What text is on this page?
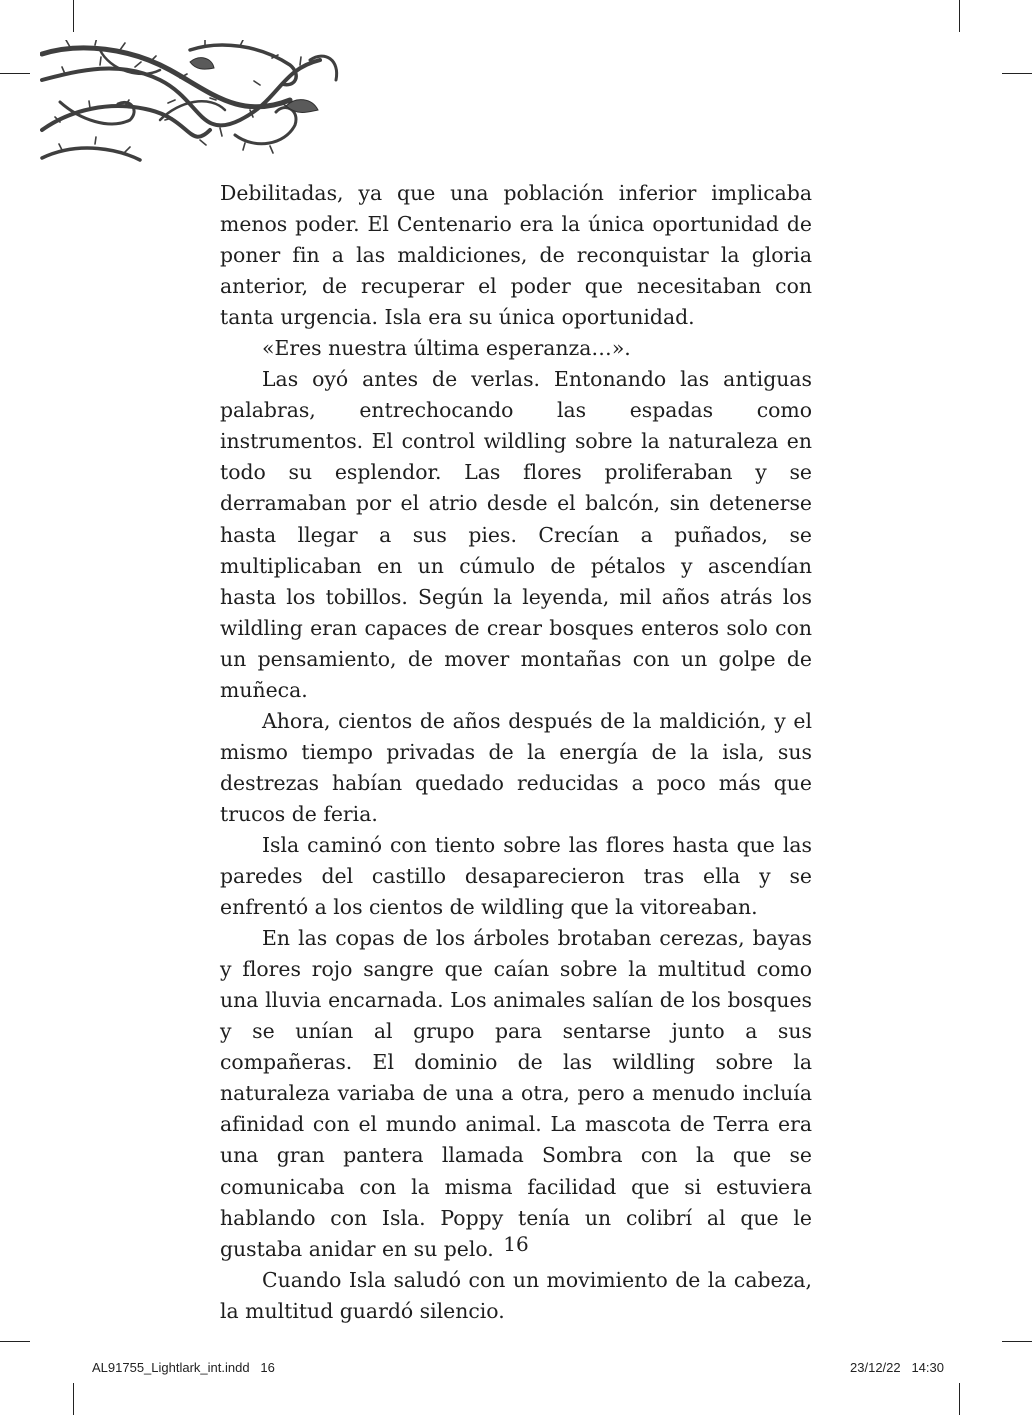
Debilitadas, ya que una población inferior implicaba menos poder. El Centenario era la única oportunidad de poner fin a las maldiciones, de reconquistar la gloria anterior, de recuperar el poder que necesitaban con tanta urgencia. Isla era su única oportunidad.

«Eres nuestra última esperanza…».

Las oyó antes de verlas. Entonando las antiguas palabras, entrechocando las espadas como instrumentos. El control wildling sobre la naturaleza en todo su esplendor. Las flores proliferaban y se derramaban por el atrio desde el balcón, sin detenerse hasta llegar a sus pies. Crecían a puñados, se multiplicaban en un cúmulo de pétalos y ascendían hasta los tobillos. Según la leyenda, mil años atrás los wildling eran capaces de crear bosques enteros solo con un pensamiento, de mover montañas con un golpe de muñeca.

Ahora, cientos de años después de la maldición, y el mismo tiempo privadas de la energía de la isla, sus destrezas habían quedado reducidas a poco más que trucos de feria.

Isla caminó con tiento sobre las flores hasta que las paredes del castillo desaparecieron tras ella y se enfrentó a los cientos de wildling que la vitoreaban.

En las copas de los árboles brotaban cerezas, bayas y flores rojo sangre que caían sobre la multitud como una lluvia encarnada. Los animales salían de los bosques y se unían al grupo para sentarse junto a sus compañeras. El dominio de las wildling sobre la naturaleza variaba de una a otra, pero a menudo incluía afinidad con el mundo animal. La mascota de Terra era una gran pantera llamada Sombra con la que se comunicaba con la misma facilidad que si estuviera hablando con Isla. Poppy tenía un colibrí al que le gustaba anidar en su pelo.

Cuando Isla saludó con un movimiento de la cabeza, la multitud guardó silencio.

16
AL91755_Lightlark_int.indd   16	23/12/22   14:30
